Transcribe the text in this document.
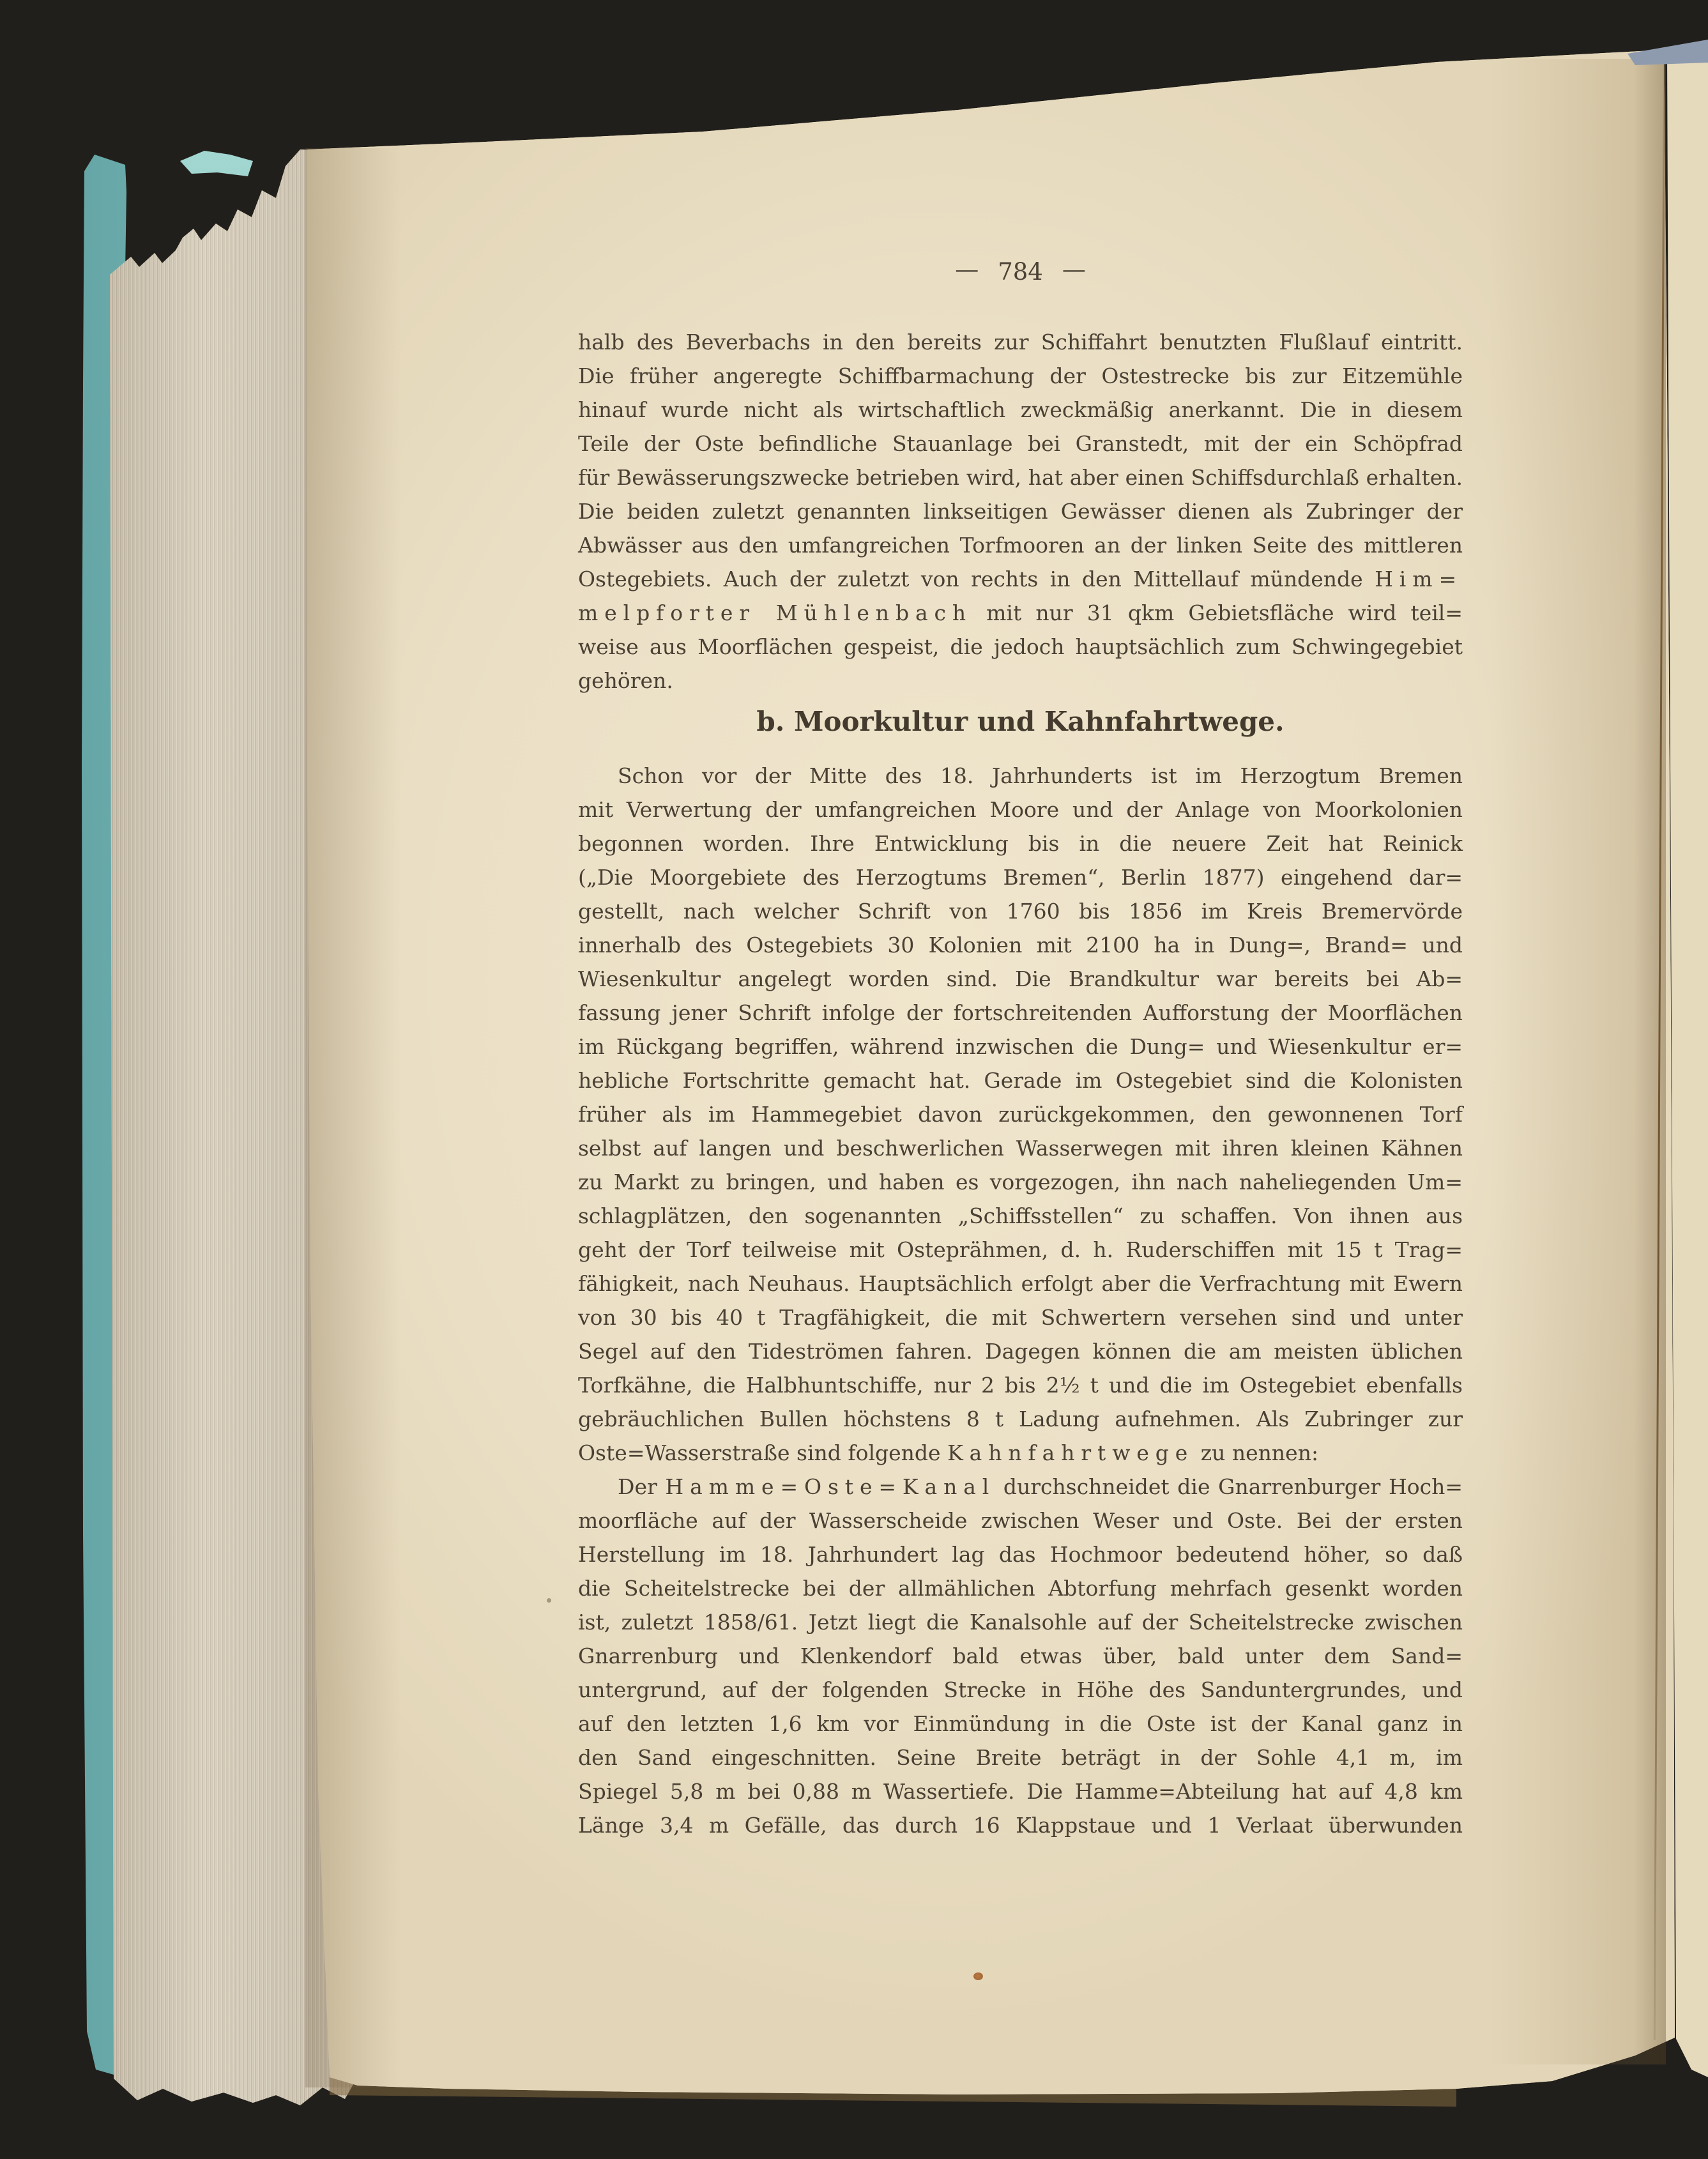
— 784 —
halb des Beverbachs in den bereits zur Schiffahrt benutzten Flußlauf eintritt.
Die früher angeregte Schiffbarmachung der Ostestrecke bis zur Eitzemühle
hinauf wurde nicht als wirtschaftlich zweckmäßig anerkannt. Die in diesem
Teile der Oste befindliche Stauanlage bei Granstedt, mit der ein Schöpfrad
für Bewässerungszwecke betrieben wird, hat aber einen Schiffsdurchlaß erhalten.
Die beiden zuletzt genannten linkseitigen Gewässer dienen als Zubringer der
Abwässer aus den umfangreichen Torfmooren an der linken Seite des mittleren
Ostegebiets. Auch der zuletzt von rechts in den Mittellauf mündende Him=
melpforter Mühlenbach mit nur 31 qkm Gebietsfläche wird teil=
weise aus Moorflächen gespeist, die jedoch hauptsächlich zum Schwingegebiet
gehören.
b. Moorkultur und Kahnfahrtwege.
Schon vor der Mitte des 18. Jahrhunderts ist im Herzogtum Bremen
mit Verwertung der umfangreichen Moore und der Anlage von Moorkolonien
begonnen worden. Ihre Entwicklung bis in die neuere Zeit hat Reinick
(„Die Moorgebiete des Herzogtums Bremen“, Berlin 1877) eingehend dar=
gestellt, nach welcher Schrift von 1760 bis 1856 im Kreis Bremervörde
innerhalb des Ostegebiets 30 Kolonien mit 2100 ha in Dung=, Brand= und
Wiesenkultur angelegt worden sind. Die Brandkultur war bereits bei Ab=
fassung jener Schrift infolge der fortschreitenden Aufforstung der Moorflächen
im Rückgang begriffen, während inzwischen die Dung= und Wiesenkultur er=
hebliche Fortschritte gemacht hat. Gerade im Ostegebiet sind die Kolonisten
früher als im Hammegebiet davon zurückgekommen, den gewonnenen Torf
selbst auf langen und beschwerlichen Wasserwegen mit ihren kleinen Kähnen
zu Markt zu bringen, und haben es vorgezogen, ihn nach naheliegenden Um=
schlagplätzen, den sogenannten „Schiffsstellen“ zu schaffen. Von ihnen aus
geht der Torf teilweise mit Osteprähmen, d. h. Ruderschiffen mit 15 t Trag=
fähigkeit, nach Neuhaus. Hauptsächlich erfolgt aber die Verfrachtung mit Ewern
von 30 bis 40 t Tragfähigkeit, die mit Schwertern versehen sind und unter
Segel auf den Tideströmen fahren. Dagegen können die am meisten üblichen
Torfkähne, die Halbhuntschiffe, nur 2 bis 2½ t und die im Ostegebiet ebenfalls
gebräuchlichen Bullen höchstens 8 t Ladung aufnehmen. Als Zubringer zur
Oste=Wasserstraße sind folgende Kahnfahrtwege zu nennen:
Der Hamme=Oste=Kanal durchschneidet die Gnarrenburger Hoch=
moorfläche auf der Wasserscheide zwischen Weser und Oste. Bei der ersten
Herstellung im 18. Jahrhundert lag das Hochmoor bedeutend höher, so daß
die Scheitelstrecke bei der allmählichen Abtorfung mehrfach gesenkt worden
ist, zuletzt 1858/61. Jetzt liegt die Kanalsohle auf der Scheitelstrecke zwischen
Gnarrenburg und Klenkendorf bald etwas über, bald unter dem Sand=
untergrund, auf der folgenden Strecke in Höhe des Sanduntergrundes, und
auf den letzten 1,6 km vor Einmündung in die Oste ist der Kanal ganz in
den Sand eingeschnitten. Seine Breite beträgt in der Sohle 4,1 m, im
Spiegel 5,8 m bei 0,88 m Wassertiefe. Die Hamme=Abteilung hat auf 4,8 km
Länge 3,4 m Gefälle, das durch 16 Klappstaue und 1 Verlaat überwunden
